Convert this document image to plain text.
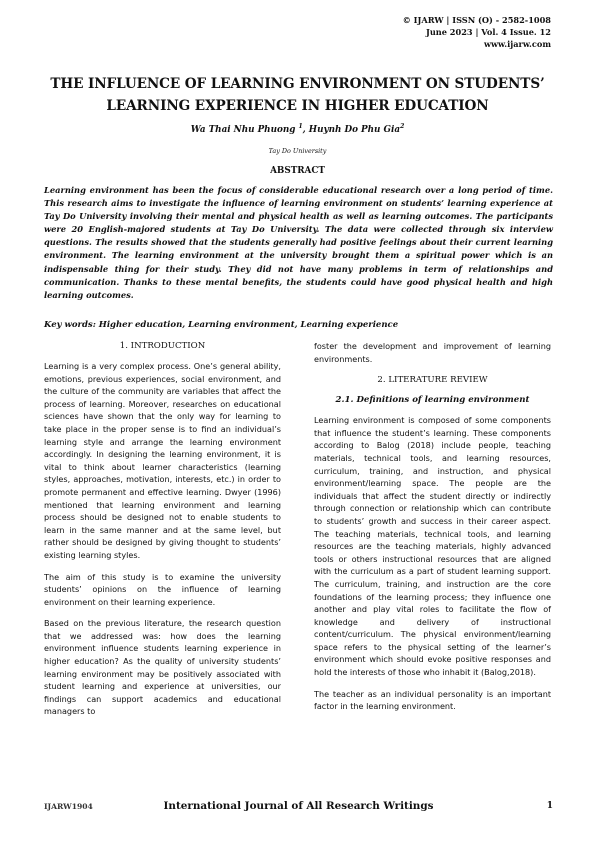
© IJARW | ISSN (O) - 2582-1008
June 2023 | Vol. 4 Issue. 12
www.ijarw.com
THE INFLUENCE OF LEARNING ENVIRONMENT ON STUDENTS’
LEARNING EXPERIENCE IN HIGHER EDUCATION
Wa Thai Nhu Phuong $^1$, Huynh Do Phu Gia$^2$
Tay Do University
ABSTRACT
Learning environment has been the focus of considerable educational research over a long period of time. This research aims to investigate the influence of learning environment on students’ learning experience at Tay Do University involving their mental and physical health as well as learning outcomes. The participants were 20 English-majored students at Tay Do University. The data were collected through six interview questions. The results showed that the students generally had positive feelings about their current learning environment. The learning environment at the university brought them a spiritual power which is an indispensable thing for their study. They did not have many problems in term of relationships and communication. Thanks to these mental benefits, the students could have good physical health and high learning outcomes.
Key words: Higher education, Learning environment, Learning experience
1. INTRODUCTION

Learning is a very complex process. One’s general ability, emotions, previous experiences, social environment, and the culture of the community are variables that affect the process of learning. Moreover, researches on educational sciences have shown that the only way for learning to take place in the proper sense is to find an individual’s learning style and arrange the learning environment accordingly. In designing the learning environment, it is vital to think about learner characteristics (learning styles, approaches, motivation, interests, etc.) in order to promote permanent and effective learning. Dwyer (1996) mentioned that learning environment and learning process should be designed not to enable students to learn in the same manner and at the same level, but rather should be designed by giving thought to students’ existing learning styles.

The aim of this study is to examine the university students’ opinions on the influence of learning environment on their learning experience.

Based on the previous literature, the research question that we addressed was: how does the learning environment influence students learning experience in higher education? As the quality of university students’ learning environment may be positively associated with student learning and experience at universities, our findings can support academics and educational managers to

foster the development and improvement of learning environments.

2. LITERATURE REVIEW
2.1. Definitions of learning environment

Learning environment is composed of some components that influence the student’s learning. These components according to Balog (2018) include people, teaching materials, technical tools, and learning resources, curriculum, training, and instruction, and physical environment/learning space. The people are the individuals that affect the student directly or indirectly through connection or relationship which can contribute to students’ growth and success in their career aspect. The teaching materials, technical tools, and learning resources are the teaching materials, highly advanced tools or others instructional resources that are aligned with the curriculum as a part of student learning support. The curriculum, training, and instruction are the core foundations of the learning process; they influence one another and play vital roles to facilitate the flow of knowledge and delivery of instructional content/curriculum. The physical environment/learning space refers to the physical setting of the learner’s environment which should evoke positive responses and hold the interests of those who inhabit it (Balog,2018).

The teacher as an individual personality is an important factor in the learning environment.

IJARW1904	International Journal of All Research Writings	1
